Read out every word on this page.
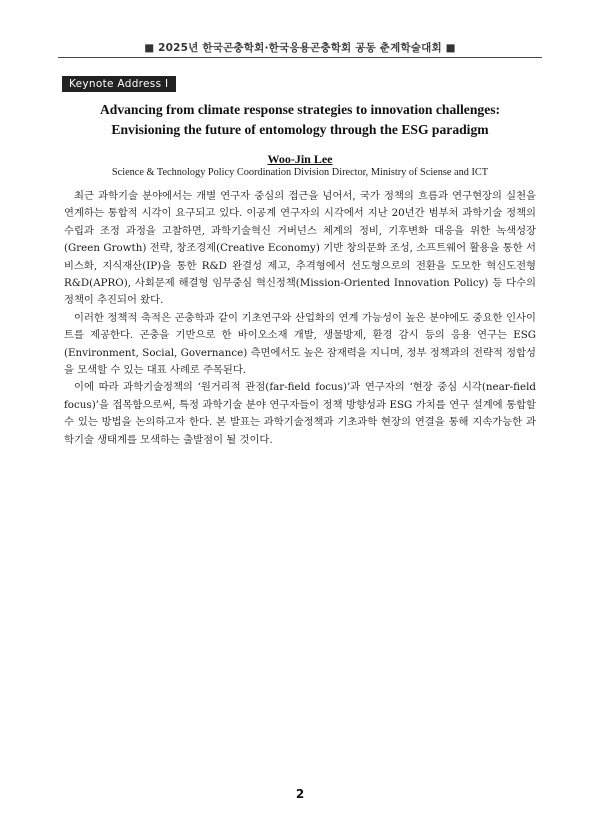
■ 2025년 한국곤충학회·한국응용곤충학회 공동 춘계학술대회 ■
Keynote Address I
Advancing from climate response strategies to innovation challenges:
Envisioning the future of entomology through the ESG paradigm
Woo-Jin Lee
Science & Technology Policy Coordination Division Director, Ministry of Sciense and ICT

최근 과학기술 분야에서는 개별 연구자 중심의 접근을 넘어서, 국가 정책의 흐름과 연구현장의 실천을 연계하는 통합적 시각이 요구되고 있다. 이공계 연구자의 시각에서 지난 20년간 범부처 과학기술 정책의 수립과 조정 과정을 고찰하면, 과학기술혁신 거버넌스 체계의 정비, 기후변화 대응을 위한 녹색성장(Green Growth) 전략, 창조경제(Creative Economy) 기반 창의문화 조성, 소프트웨어 활용을 통한 서비스화, 지식재산(IP)을 통한 R&D 완결성 제고, 추격형에서 선도형으로의 전환을 도모한 혁신도전형 R&D(APRO), 사회문제 해결형 임무중심 혁신정책(Mission-Oriented Innovation Policy) 등 다수의 정책이 추진되어 왔다.

이러한 정책적 축적은 곤충학과 같이 기초연구와 산업화의 연계 가능성이 높은 분야에도 중요한 인사이트를 제공한다. 곤충을 기반으로 한 바이오소재 개발, 생물방제, 환경 감시 등의 응용 연구는 ESG (Environment, Social, Governance) 측면에서도 높은 잠재력을 지니며, 정부 정책과의 전략적 정합성을 모색할 수 있는 대표 사례로 주목된다.

이에 따라 과학기술정책의 ‘원거리적 관점(far-field focus)’과 연구자의 ‘현장 중심 시각(near-field focus)’을 접목함으로써, 특정 과학기술 분야 연구자들이 정책 방향성과 ESG 가치를 연구 설계에 통합할 수 있는 방법을 논의하고자 한다. 본 발표는 과학기술정책과 기초과학 현장의 연결을 통해 지속가능한 과학기술 생태계를 모색하는 출발점이 될 것이다.

2
